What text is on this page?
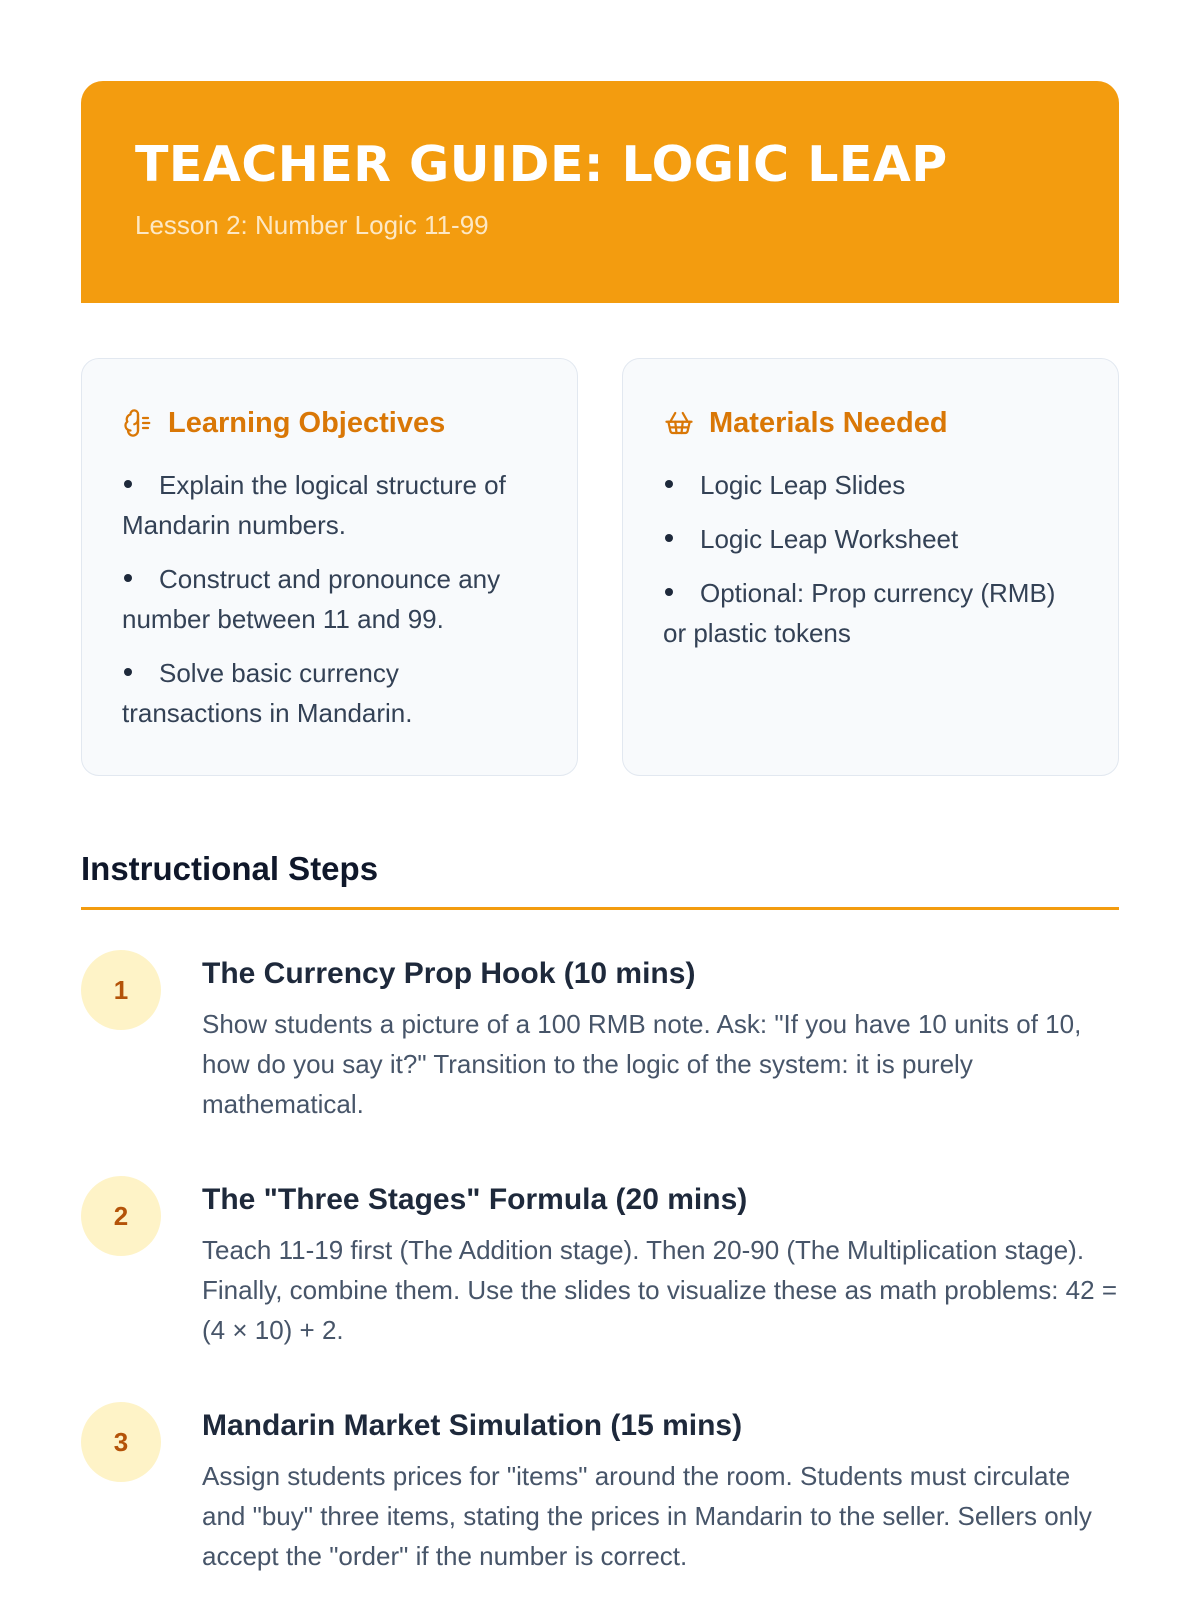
TEACHER GUIDE: LOGIC LEAP
Lesson 2: Number Logic 11-99
Learning Objectives
Explain the logical structure of Mandarin numbers.
Construct and pronounce any number between 11 and 99.
Solve basic currency transactions in Mandarin.
Materials Needed
Logic Leap Slides
Logic Leap Worksheet
Optional: Prop currency (RMB) or plastic tokens
Instructional Steps
1	The Currency Prop Hook (10 mins)

Show students a picture of a 100 RMB note. Ask: "If you have 10 units of 10, how do you say it?" Transition to the logic of the system: it is purely mathematical.

2	The "Three Stages" Formula (20 mins)

Teach 11-19 first (The Addition stage). Then 20-90 (The Multiplication stage). Finally, combine them. Use the slides to visualize these as math problems: 42 = (4 × 10) + 2.

3	Mandarin Market Simulation (15 mins)

Assign students prices for "items" around the room. Students must circulate and "buy" three items, stating the prices in Mandarin to the seller. Sellers only accept the "order" if the number is correct.
